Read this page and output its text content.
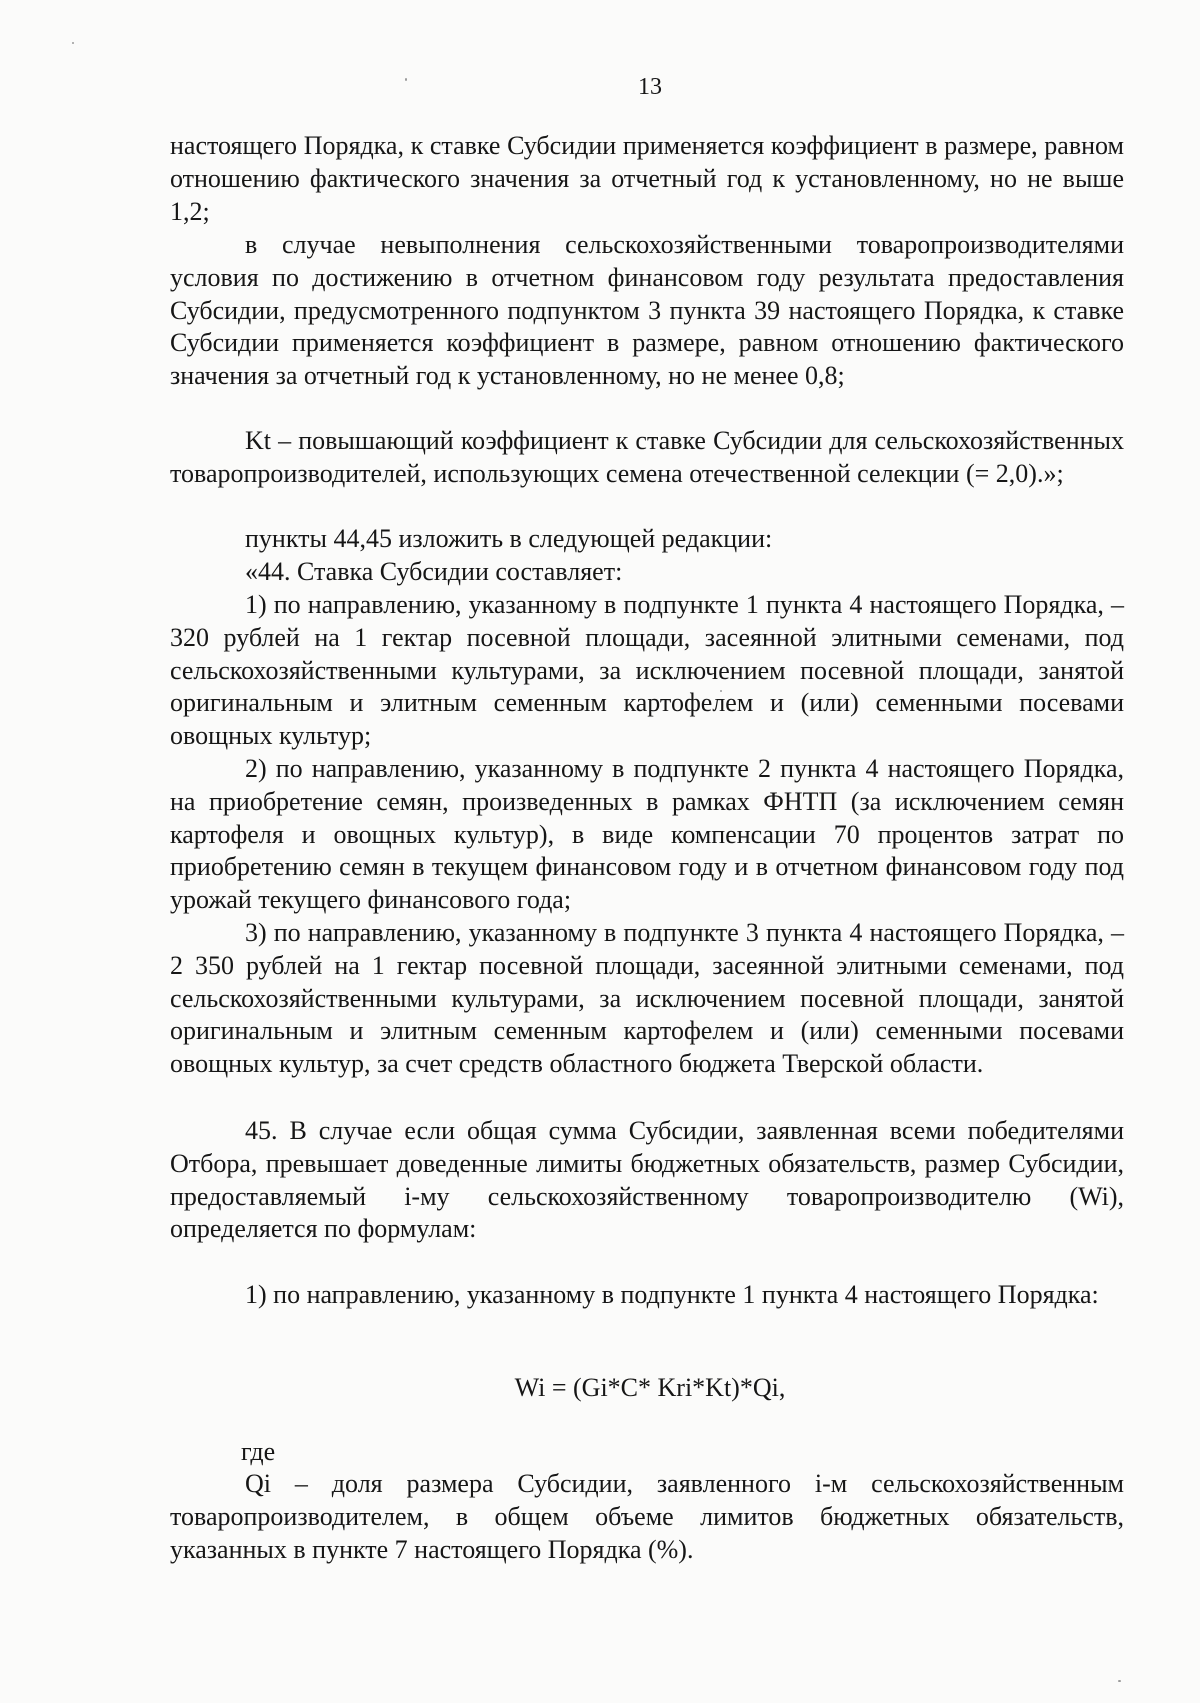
13

настоящего Порядка, к ставке Субсидии применяется коэффициент в размере, равном отношению фактического значения за отчетный год к установленному, но не выше 1,2;

в случае невыполнения сельскохозяйственными товаропроизводителями условия по достижению в отчетном финансовом году результата предоставления Субсидии, предусмотренного подпунктом 3 пункта 39 настоящего Порядка, к ставке Субсидии применяется коэффициент в размере, равном отношению фактического значения за отчетный год к установленному, но не менее 0,8;

Kt – повышающий коэффициент к ставке Субсидии для сельскохозяйственных товаропроизводителей, использующих семена отечественной селекции (= 2,0).»;

пункты 44,45 изложить в следующей редакции:

«44. Ставка Субсидии составляет:

1) по направлению, указанному в подпункте 1 пункта 4 настоящего Порядка, – 320 рублей на 1 гектар посевной площади, засеянной элитными семенами, под сельскохозяйственными культурами, за исключением посевной площади, занятой оригинальным и элитным семенным картофелем и (или) семенными посевами овощных культур;

2) по направлению, указанному в подпункте 2 пункта 4 настоящего Порядка, на приобретение семян, произведенных в рамках ФНТП (за исключением семян картофеля и овощных культур), в виде компенсации 70 процентов затрат по приобретению семян в текущем финансовом году и в отчетном финансовом году под урожай текущего финансового года;

3) по направлению, указанному в подпункте 3 пункта 4 настоящего Порядка, – 2 350 рублей на 1 гектар посевной площади, засеянной элитными семенами, под сельскохозяйственными культурами, за исключением посевной площади, занятой оригинальным и элитным семенным картофелем и (или) семенными посевами овощных культур, за счет средств областного бюджета Тверской области.

45. В случае если общая сумма Субсидии, заявленная всеми победителями Отбора, превышает доведенные лимиты бюджетных обязательств, размер Субсидии, предоставляемый i-му сельскохозяйственному товаропроизводителю (Wi), определяется по формулам:

1) по направлению, указанному в подпункте 1 пункта 4 настоящего Порядка:

Wi = (Gi*C* Kri*Kt)*Qi,
где

Qi – доля размера Субсидии, заявленного i-м сельскохозяйственным товаропроизводителем, в общем объеме лимитов бюджетных обязательств, указанных в пункте 7 настоящего Порядка (%).
